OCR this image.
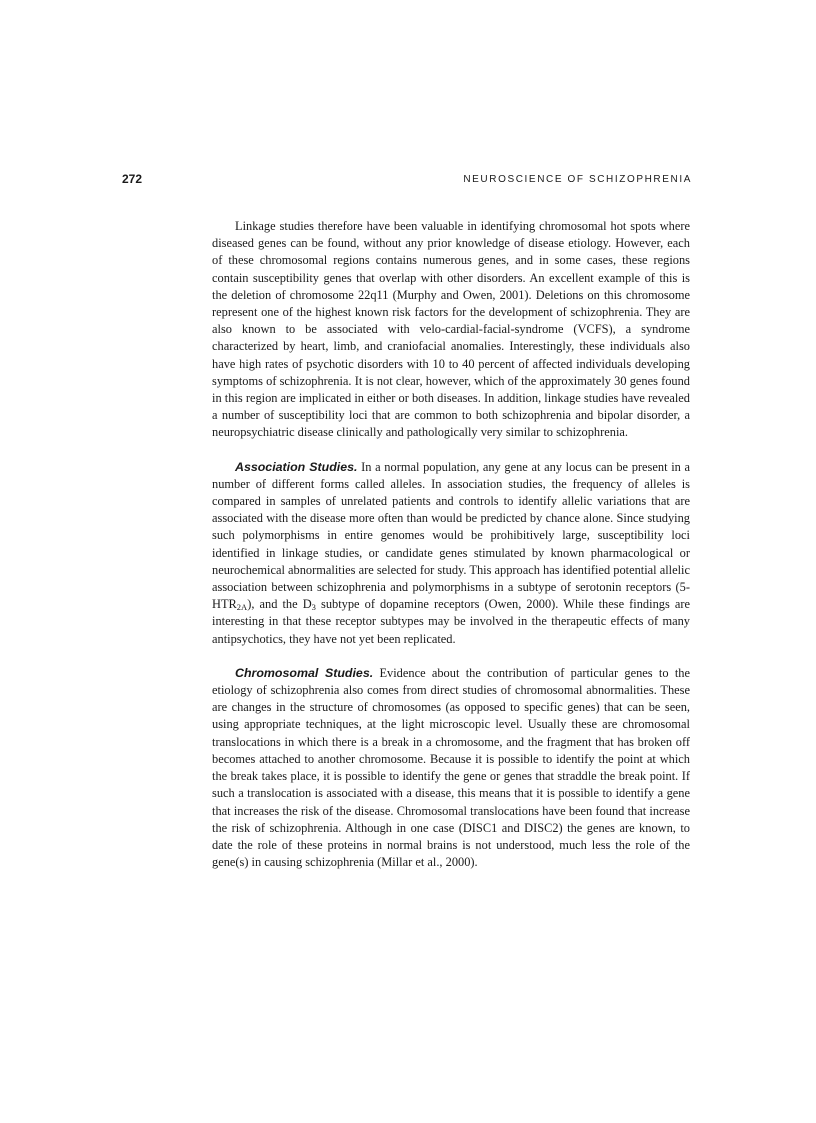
272	NEUROSCIENCE OF SCHIZOPHRENIA

Linkage studies therefore have been valuable in identifying chromosomal hot spots where diseased genes can be found, without any prior knowledge of disease etiology. However, each of these chromosomal regions contains numerous genes, and in some cases, these regions contain susceptibility genes that overlap with other disorders. An excellent example of this is the deletion of chromosome 22q11 (Murphy and Owen, 2001). Deletions on this chromosome represent one of the highest known risk factors for the development of schizophrenia. They are also known to be associated with velo-cardial-facial-syndrome (VCFS), a syndrome characterized by heart, limb, and craniofacial anomalies. Interestingly, these individuals also have high rates of psychotic disorders with 10 to 40 percent of affected individuals developing symptoms of schizophrenia. It is not clear, however, which of the approximately 30 genes found in this region are implicated in either or both diseases. In addition, linkage studies have revealed a number of susceptibility loci that are common to both schizophrenia and bipolar disorder, a neuropsychiatric disease clinically and pathologically very similar to schizophrenia.

Association Studies. In a normal population, any gene at any locus can be present in a number of different forms called alleles. In association studies, the frequency of alleles is compared in samples of unrelated patients and controls to identify allelic variations that are associated with the disease more often than would be predicted by chance alone. Since studying such polymorphisms in entire genomes would be prohibitively large, susceptibility loci identified in linkage studies, or candidate genes stimulated by known pharmacological or neurochemical abnormalities are selected for study. This approach has identified potential allelic association between schizophrenia and polymorphisms in a subtype of serotonin receptors $(5-HTR_{2A})$, and the $D_3$ subtype of dopamine receptors (Owen, 2000). While these findings are interesting in that these receptor subtypes may be involved in the therapeutic effects of many antipsychotics, they have not yet been replicated.

Chromosomal Studies. Evidence about the contribution of particular genes to the etiology of schizophrenia also comes from direct studies of chromosomal abnormalities. These are changes in the structure of chromosomes (as opposed to specific genes) that can be seen, using appropriate techniques, at the light microscopic level. Usually these are chromosomal translocations in which there is a break in a chromosome, and the fragment that has broken off becomes attached to another chromosome. Because it is possible to identify the point at which the break takes place, it is possible to identify the gene or genes that straddle the break point. If such a translocation is associated with a disease, this means that it is possible to identify a gene that increases the risk of the disease. Chromosomal translocations have been found that increase the risk of schizophrenia. Although in one case (DISC1 and DISC2) the genes are known, to date the role of these proteins in normal brains is not understood, much less the role of the gene(s) in causing schizophrenia (Millar et al., 2000).
